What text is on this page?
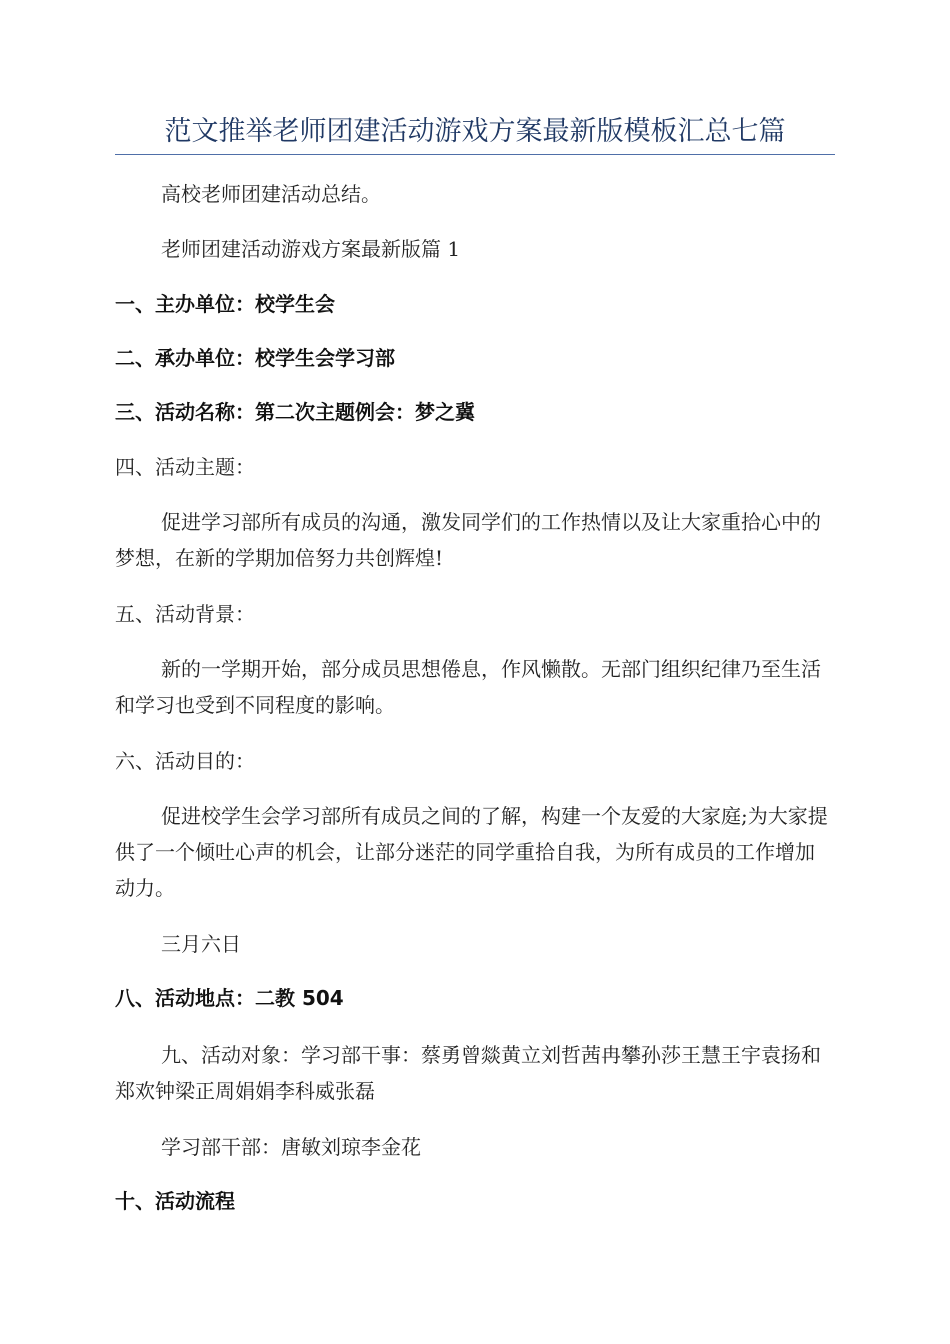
范文推举老师团建活动游戏方案最新版模板汇总七篇

高校老师团建活动总结。

老师团建活动游戏方案最新版篇 1

一、主办单位：校学生会

二、承办单位：校学生会学习部

三、活动名称：第二次主题例会：梦之冀

四、活动主题：

促进学习部所有成员的沟通，激发同学们的工作热情以及让大家重拾心中的梦想，在新的学期加倍努力共创辉煌!

五、活动背景：

新的一学期开始，部分成员思想倦息，作风懒散。无部门组织纪律乃至生活和学习也受到不同程度的影响。

六、活动目的：

促进校学生会学习部所有成员之间的了解，构建一个友爱的大家庭;为大家提供了一个倾吐心声的机会，让部分迷茫的同学重拾自我，为所有成员的工作增加动力。

三月六日

八、活动地点：二教 504

九、活动对象：学习部干事：蔡勇曾燚黄立刘哲茜冉攀孙莎王慧王宇袁扬和郑欢钟梁正周娟娟李科威张磊

学习部干部：唐敏刘琼李金花

十、活动流程
